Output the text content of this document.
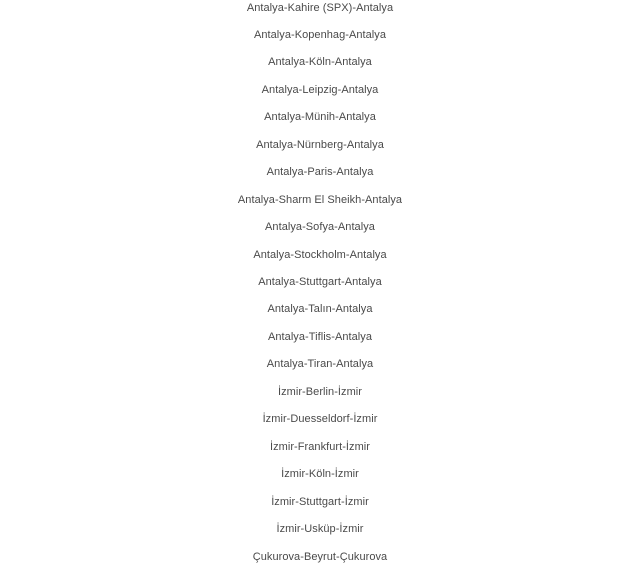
Antalya-Kahire (SPX)-Antalya
Antalya-Kopenhag-Antalya
Antalya-Köln-Antalya
Antalya-Leipzig-Antalya
Antalya-Münih-Antalya
Antalya-Nürnberg-Antalya
Antalya-Paris-Antalya
Antalya-Sharm El Sheikh-Antalya
Antalya-Sofya-Antalya
Antalya-Stockholm-Antalya
Antalya-Stuttgart-Antalya
Antalya-Talın-Antalya
Antalya-Tiflis-Antalya
Antalya-Tiran-Antalya
İzmir-Berlin-İzmir
İzmir-Duesseldorf-İzmir
İzmir-Frankfurt-İzmir
İzmir-Köln-İzmir
İzmir-Stuttgart-İzmir
İzmir-Usküp-İzmir
Çukurova-Beyrut-Çukurova
